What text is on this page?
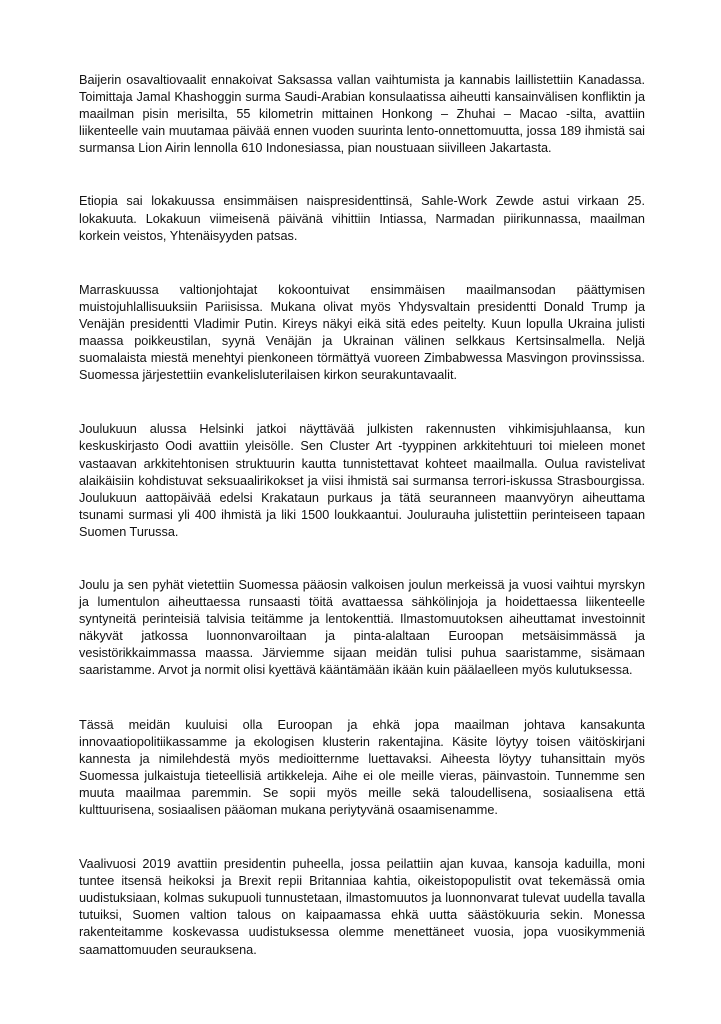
Baijerin osavaltiovaalit ennakoivat Saksassa vallan vaihtumista ja kannabis laillistettiin Kanadassa. Toimittaja Jamal Khashoggin surma Saudi-Arabian konsulaatissa aiheutti kansainvälisen konfliktin ja maailman pisin merisilta, 55 kilometrin mittainen Honkong – Zhuhai – Macao -silta, avattiin liikenteelle vain muutamaa päivää ennen vuoden suurinta lento-onnettomuutta, jossa 189 ihmistä sai surmansa Lion Airin lennolla 610 Indonesiassa, pian noustuaan siivilleen Jakartasta.

Etiopia sai lokakuussa ensimmäisen naispresidenttinsä, Sahle-Work Zewde astui virkaan 25. lokakuuta. Lokakuun viimeisenä päivänä vihittiin Intiassa, Narmadan piirikunnassa, maailman korkein veistos, Yhtenäisyyden patsas.

Marraskuussa valtionjohtajat kokoontuivat ensimmäisen maailmansodan päättymisen muistojuhlallisuuksiin Pariisissa. Mukana olivat myös Yhdysvaltain presidentti Donald Trump ja Venäjän presidentti Vladimir Putin. Kireys näkyi eikä sitä edes peitelty. Kuun lopulla Ukraina julisti maassa poikkeustilan, syynä Venäjän ja Ukrainan välinen selkkaus Kertsinsalmella. Neljä suomalaista miestä menehtyi pienkoneen törmättyä vuoreen Zimbabwessa Masvingon provinssissa. Suomessa järjestettiin evankelisluterilaisen kirkon seurakuntavaalit.

Joulukuun alussa Helsinki jatkoi näyttävää julkisten rakennusten vihkimisjuhlaansa, kun keskuskirjasto Oodi avattiin yleisölle. Sen Cluster Art -tyyppinen arkkitehtuuri toi mieleen monet vastaavan arkkitehtonisen struktuurin kautta tunnistettavat kohteet maailmalla. Oulua ravistelivat alaikäisiin kohdistuvat seksuaalirikokset ja viisi ihmistä sai surmansa terrori-iskussa Strasbourgissa. Joulukuun aattopäivää edelsi Krakataun purkaus ja tätä seuranneen maanvyöryn aiheuttama tsunami surmasi yli 400 ihmistä ja liki 1500 loukkaantui. Joulurauha julistettiin perinteiseen tapaan Suomen Turussa.

Joulu ja sen pyhät vietettiin Suomessa pääosin valkoisen joulun merkeissä ja vuosi vaihtui myrskyn ja lumentulon aiheuttaessa runsaasti töitä avattaessa sähkölinjoja ja hoidettaessa liikenteelle syntyneitä perinteisiä talvisia teitämme ja lentokenttiä. Ilmastomuutoksen aiheuttamat investoinnit näkyvät jatkossa luonnonvaroiltaan ja pinta-alaltaan Euroopan metsäisimmässä ja vesistörikkaimmassa maassa. Järviemme sijaan meidän tulisi puhua saaristamme, sisämaan saaristamme. Arvot ja normit olisi kyettävä kääntämään ikään kuin päälaelleen myös kulutuksessa.

Tässä meidän kuuluisi olla Euroopan ja ehkä jopa maailman johtava kansakunta innovaatiopolitiikassamme ja ekologisen klusterin rakentajina. Käsite löytyy toisen väitöskirjani kannesta ja nimilehdestä myös medioitternme luettavaksi. Aiheesta löytyy tuhansittain myös Suomessa julkaistuja tieteellisiä artikkeleja. Aihe ei ole meille vieras, päinvastoin. Tunnemme sen muuta maailmaa paremmin. Se sopii myös meille sekä taloudellisena, sosiaalisena että kulttuurisena, sosiaalisen pääoman mukana periytyvänä osaamisenamme.

Vaalivuosi 2019 avattiin presidentin puheella, jossa peilattiin ajan kuvaa, kansoja kaduilla, moni tuntee itsensä heikoksi ja Brexit repii Britanniaa kahtia, oikeistopopulistit ovat tekemässä omia uudistuksiaan, kolmas sukupuoli tunnustetaan, ilmastomuutos ja luonnonvarat tulevat uudella tavalla tutuiksi, Suomen valtion talous on kaipaamassa ehkä uutta säästökuuria sekin. Monessa rakenteitamme koskevassa uudistuksessa olemme menettäneet vuosia, jopa vuosikymmeniä saamattomuuden seurauksena.
